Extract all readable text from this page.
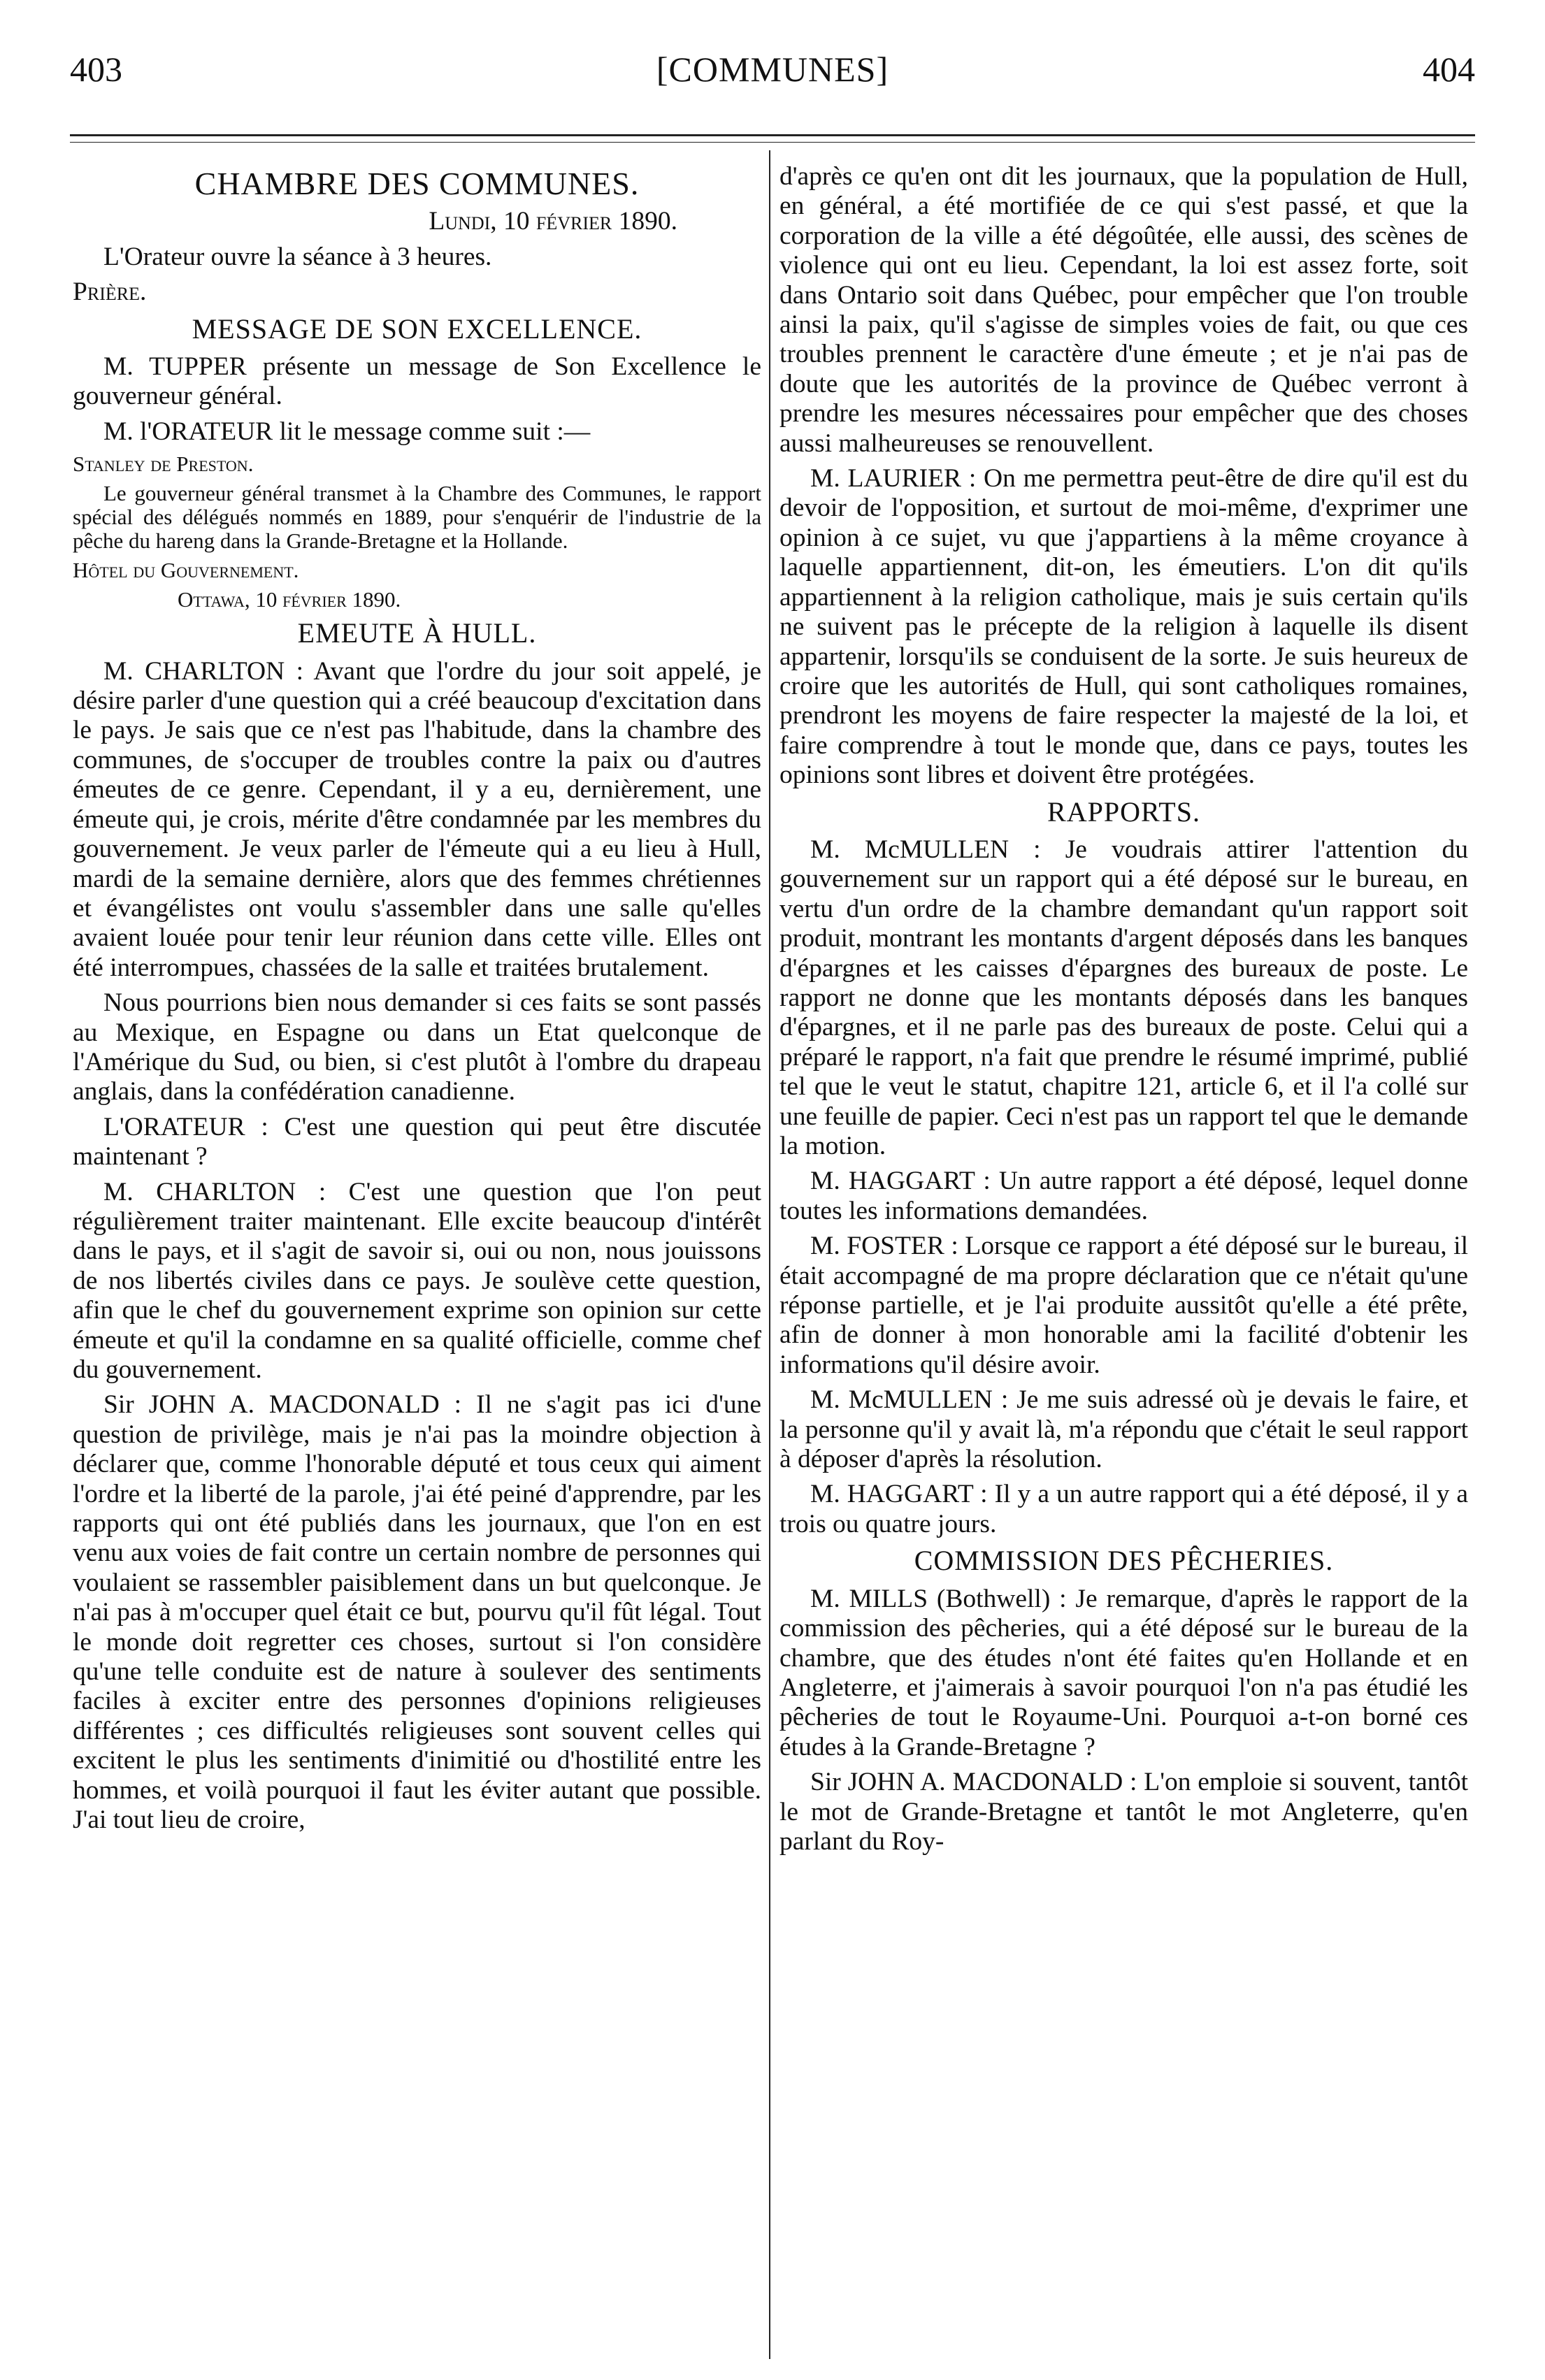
403	[COMMUNES]	404
CHAMBRE DES COMMUNES.

Lundi, 10 février 1890.

L'Orateur ouvre la séance à 3 heures.

Prière.

MESSAGE DE SON EXCELLENCE.

M. TUPPER présente un message de Son Excellence le gouverneur général.

M. l'ORATEUR lit le message comme suit :—

Stanley de Preston.

Le gouverneur général transmet à la Chambre des Communes, le rapport spécial des délégués nommés en 1889, pour s'enquérir de l'industrie de la pêche du hareng dans la Grande-Bretagne et la Hollande.

Hôtel du Gouvernement.

Ottawa, 10 février 1890.

EMEUTE À HULL.

M. CHARLTON : Avant que l'ordre du jour soit appelé, je désire parler d'une question qui a créé beaucoup d'excitation dans le pays. Je sais que ce n'est pas l'habitude, dans la chambre des communes, de s'occuper de troubles contre la paix ou d'autres émeutes de ce genre. Cependant, il y a eu, dernièrement, une émeute qui, je crois, mérite d'être condamnée par les membres du gouvernement. Je veux parler de l'émeute qui a eu lieu à Hull, mardi de la semaine dernière, alors que des femmes chrétiennes et évangélistes ont voulu s'assembler dans une salle qu'elles avaient louée pour tenir leur réunion dans cette ville. Elles ont été interrompues, chassées de la salle et traitées brutalement.

Nous pourrions bien nous demander si ces faits se sont passés au Mexique, en Espagne ou dans un Etat quelconque de l'Amérique du Sud, ou bien, si c'est plutôt à l'ombre du drapeau anglais, dans la confédération canadienne.

L'ORATEUR : C'est une question qui peut être discutée maintenant ?

M. CHARLTON : C'est une question que l'on peut régulièrement traiter maintenant. Elle excite beaucoup d'intérêt dans le pays, et il s'agit de savoir si, oui ou non, nous jouissons de nos libertés civiles dans ce pays. Je soulève cette question, afin que le chef du gouvernement exprime son opinion sur cette émeute et qu'il la condamne en sa qualité officielle, comme chef du gouvernement.

Sir JOHN A. MACDONALD : Il ne s'agit pas ici d'une question de privilège, mais je n'ai pas la moindre objection à déclarer que, comme l'honorable député et tous ceux qui aiment l'ordre et la liberté de la parole, j'ai été peiné d'apprendre, par les rapports qui ont été publiés dans les journaux, que l'on en est venu aux voies de fait contre un certain nombre de personnes qui voulaient se rassembler paisiblement dans un but quelconque. Je n'ai pas à m'occuper quel était ce but, pourvu qu'il fût légal. Tout le monde doit regretter ces choses, surtout si l'on considère qu'une telle conduite est de nature à soulever des sentiments faciles à exciter entre des personnes d'opinions religieuses différentes ; ces difficultés religieuses sont souvent celles qui excitent le plus les sentiments d'inimitié ou d'hostilité entre les hommes, et voilà pourquoi il faut les éviter autant que possible. J'ai tout lieu de croire,

d'après ce qu'en ont dit les journaux, que la population de Hull, en général, a été mortifiée de ce qui s'est passé, et que la corporation de la ville a été dégoûtée, elle aussi, des scènes de violence qui ont eu lieu. Cependant, la loi est assez forte, soit dans Ontario soit dans Québec, pour empêcher que l'on trouble ainsi la paix, qu'il s'agisse de simples voies de fait, ou que ces troubles prennent le caractère d'une émeute ; et je n'ai pas de doute que les autorités de la province de Québec verront à prendre les mesures nécessaires pour empêcher que des choses aussi malheureuses se renouvellent.

M. LAURIER : On me permettra peut-être de dire qu'il est du devoir de l'opposition, et surtout de moi-même, d'exprimer une opinion à ce sujet, vu que j'appartiens à la même croyance à laquelle appartiennent, dit-on, les émeutiers. L'on dit qu'ils appartiennent à la religion catholique, mais je suis certain qu'ils ne suivent pas le précepte de la religion à laquelle ils disent appartenir, lorsqu'ils se conduisent de la sorte. Je suis heureux de croire que les autorités de Hull, qui sont catholiques romaines, prendront les moyens de faire respecter la majesté de la loi, et faire comprendre à tout le monde que, dans ce pays, toutes les opinions sont libres et doivent être protégées.

RAPPORTS.

M. McMULLEN : Je voudrais attirer l'attention du gouvernement sur un rapport qui a été déposé sur le bureau, en vertu d'un ordre de la chambre demandant qu'un rapport soit produit, montrant les montants d'argent déposés dans les banques d'épargnes et les caisses d'épargnes des bureaux de poste. Le rapport ne donne que les montants déposés dans les banques d'épargnes, et il ne parle pas des bureaux de poste. Celui qui a préparé le rapport, n'a fait que prendre le résumé imprimé, publié tel que le veut le statut, chapitre 121, article 6, et il l'a collé sur une feuille de papier. Ceci n'est pas un rapport tel que le demande la motion.

M. HAGGART : Un autre rapport a été déposé, lequel donne toutes les informations demandées.

M. FOSTER : Lorsque ce rapport a été déposé sur le bureau, il était accompagné de ma propre déclaration que ce n'était qu'une réponse partielle, et je l'ai produite aussitôt qu'elle a été prête, afin de donner à mon honorable ami la facilité d'obtenir les informations qu'il désire avoir.

M. McMULLEN : Je me suis adressé où je devais le faire, et la personne qu'il y avait là, m'a répondu que c'était le seul rapport à déposer d'après la résolution.

M. HAGGART : Il y a un autre rapport qui a été déposé, il y a trois ou quatre jours.

COMMISSION DES PÊCHERIES.

M. MILLS (Bothwell) : Je remarque, d'après le rapport de la commission des pêcheries, qui a été déposé sur le bureau de la chambre, que des études n'ont été faites qu'en Hollande et en Angleterre, et j'aimerais à savoir pourquoi l'on n'a pas étudié les pêcheries de tout le Royaume-Uni. Pourquoi a-t-on borné ces études à la Grande-Bretagne ?

Sir JOHN A. MACDONALD : L'on emploie si souvent, tantôt le mot de Grande-Bretagne et tantôt le mot Angleterre, qu'en parlant du Roy-
